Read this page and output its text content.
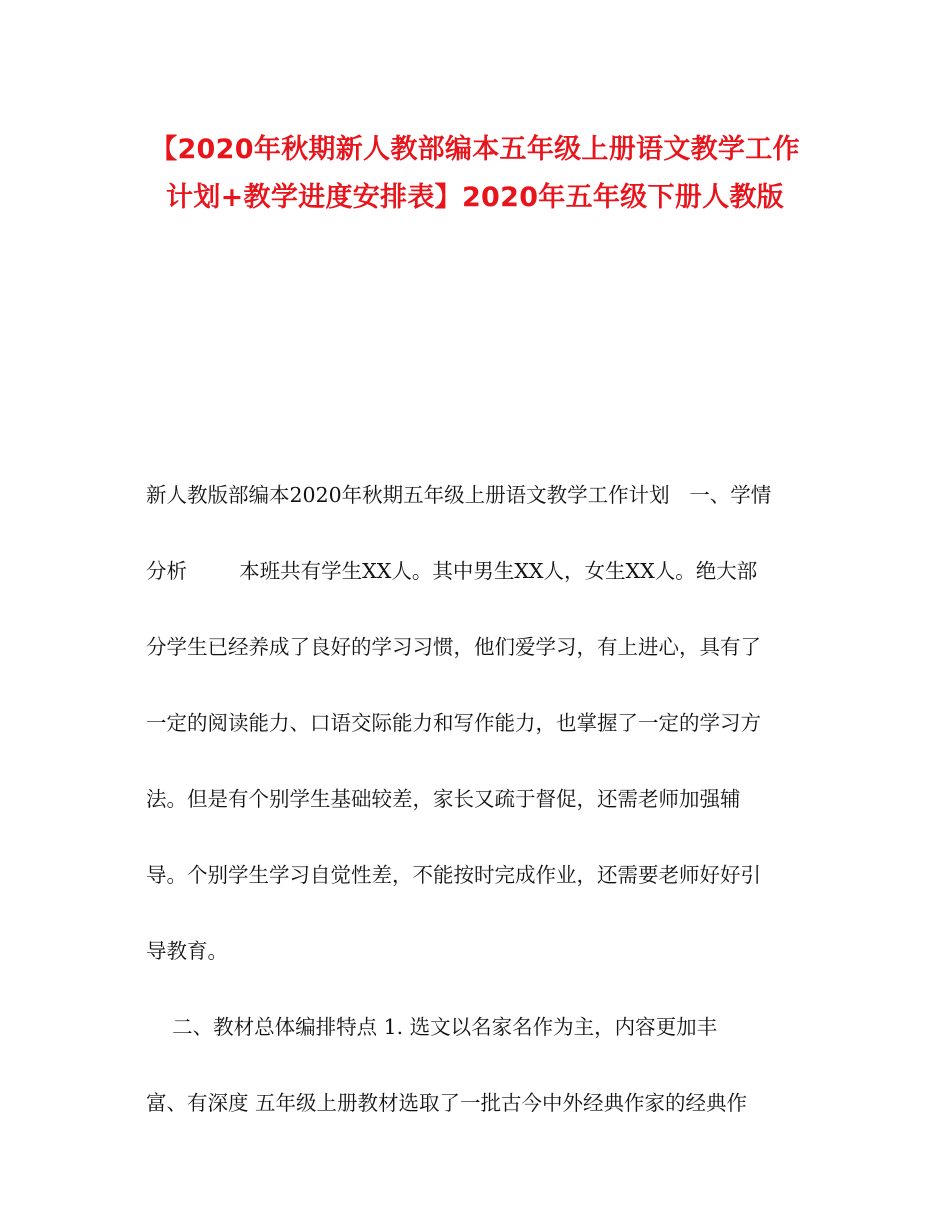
【2020年秋期新人教部编本五年级上册语文教学工作
计划+教学进度安排表】2020年五年级下册人教版
新人教版部编本2020年秋期五年级上册语文教学工作计划   一、学情
分析        本班共有学生XX人。其中男生XX人，女生XX人。绝大部
分学生已经养成了良好的学习习惯，他们爱学习，有上进心，具有了
一定的阅读能力、口语交际能力和写作能力，也掌握了一定的学习方
法。但是有个别学生基础较差，家长又疏于督促，还需老师加强辅
导。个别学生学习自觉性差，不能按时完成作业，还需要老师好好引
导教育。
二、教材总体编排特点 1. 选文以名家名作为主，内容更加丰
富、有深度 五年级上册教材选取了一批古今中外经典作家的经典作
